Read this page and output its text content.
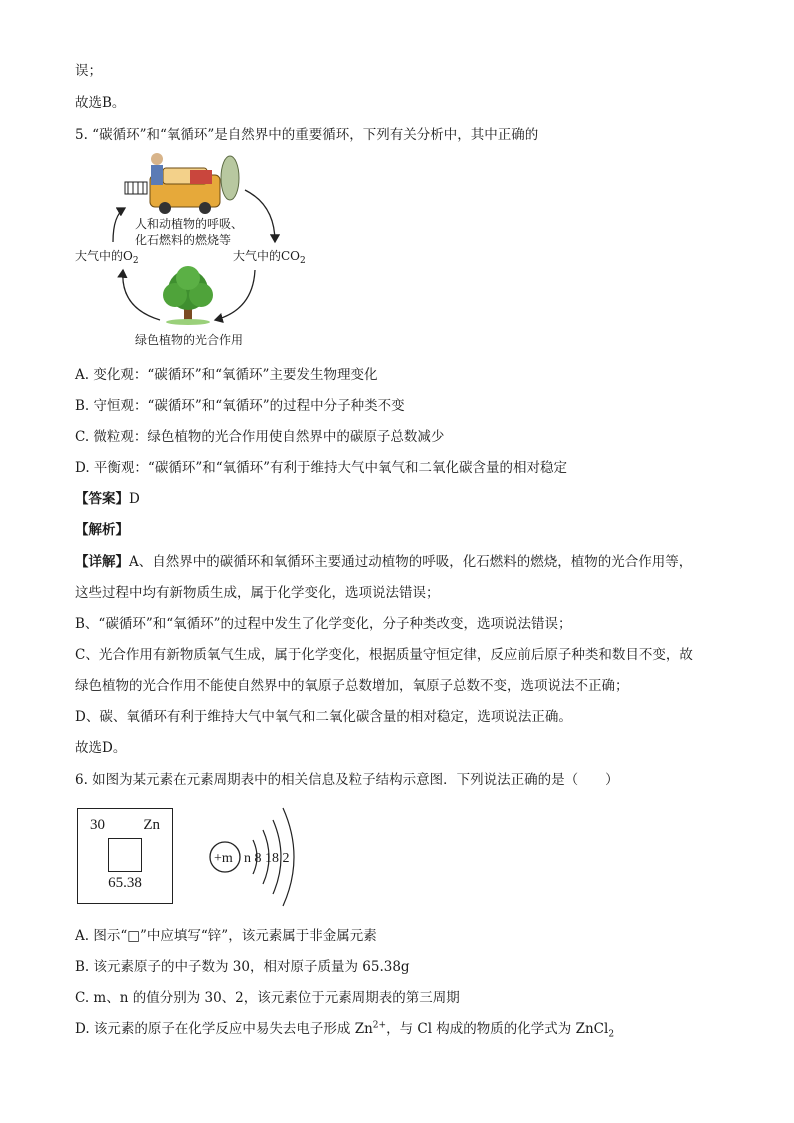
误；
故选B。
5. “碳循环”和“氧循环”是自然界中的重要循环，下列有关分析中，其中正确的
人和动植物的呼吸、
化石燃料的燃烧等
大气中的$O_2$	大气中的$CO_2$
绿色植物的光合作用
A. 变化观：“碳循环”和“氧循环”主要发生物理变化
B. 守恒观：“碳循环”和“氧循环”的过程中分子种类不变
C. 微粒观：绿色植物的光合作用使自然界中的碳原子总数减少
D. 平衡观：“碳循环”和“氧循环”有利于维持大气中氧气和二氧化碳含量的相对稳定
【答案】D
【解析】
【详解】A、自然界中的碳循环和氧循环主要通过动植物的呼吸，化石燃料的燃烧，植物的光合作用等，
这些过程中均有新物质生成，属于化学变化，选项说法错误；
B、“碳循环”和“氧循环”的过程中发生了化学变化，分子种类改变，选项说法错误；
C、光合作用有新物质氧气生成，属于化学变化，根据质量守恒定律，反应前后原子种类和数目不变，故
绿色植物的光合作用不能使自然界中的氧原子总数增加，氧原子总数不变，选项说法不正确；
D、碳、氧循环有利于维持大气中氧气和二氧化碳含量的相对稳定，选项说法正确。
故选D。
6. 如图为某元素在元素周期表中的相关信息及粒子结构示意图．下列说法正确的是（　　）
30	Zn
65.38
+m n 8 18 2
A. 图示“□”中应填写“锌”，该元素属于非金属元素
B. 该元素原子的中子数为 30，相对原子质量为 65.38g
C. m、n 的值分别为 30、2，该元素位于元素周期表的第三周期
D. 该元素的原子在化学反应中易失去电子形成 $Zn^{2+}$，与 Cl 构成的物质的化学式为 ZnCl$_2$
